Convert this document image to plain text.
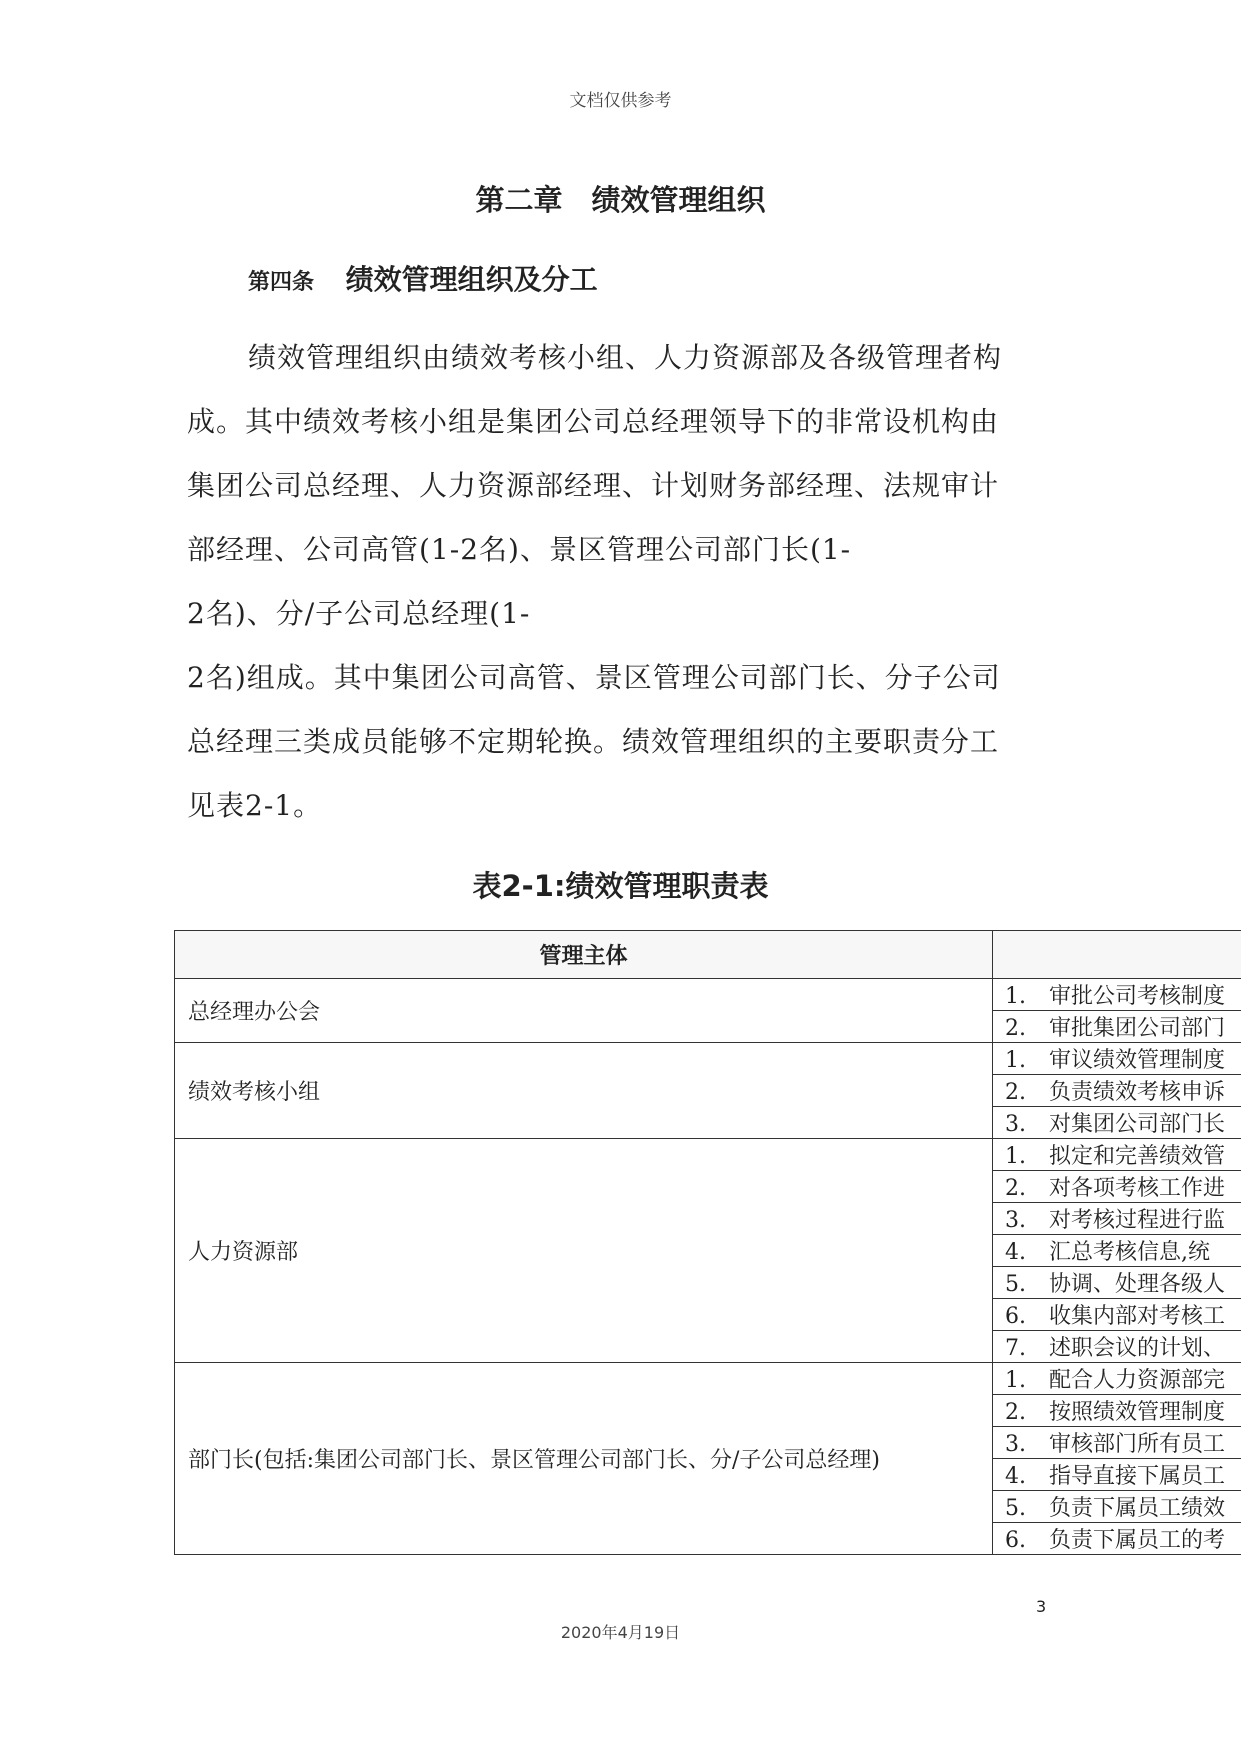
文档仅供参考
第二章　绩效管理组织
第四条 绩效管理组织及分工
绩效管理组织由绩效考核小组、人力资源部及各级管理者构
成。其中绩效考核小组是集团公司总经理领导下的非常设机构由
集团公司总经理、人力资源部经理、计划财务部经理、法规审计
部经理、公司高管(1-2名)、景区管理公司部门长(1-
2名)、分/子公司总经理(1-
2名)组成。其中集团公司高管、景区管理公司部门长、分子公司
总经理三类成员能够不定期轮换。绩效管理组织的主要职责分工
见表2-1。
表2-1:绩效管理职责表
管理主体	
总经理办公会	1. 审批公司考核制度
	2. 审批集团公司部门
绩效考核小组	1. 审议绩效管理制度
	2. 负责绩效考核申诉
	3. 对集团公司部门长
人力资源部	1. 拟定和完善绩效管
	2. 对各项考核工作进
	3. 对考核过程进行监
	4. 汇总考核信息,统
	5. 协调、处理各级人
	6. 收集内部对考核工
	7. 述职会议的计划、
部门长(包括:集团公司部门长、景区管理公司部门长、分/子公司总经理)	1. 配合人力资源部完
	2. 按照绩效管理制度
	3. 审核部门所有员工
	4. 指导直接下属员工
	5. 负责下属员工绩效
	6. 负责下属员工的考
3
2020年4月19日
